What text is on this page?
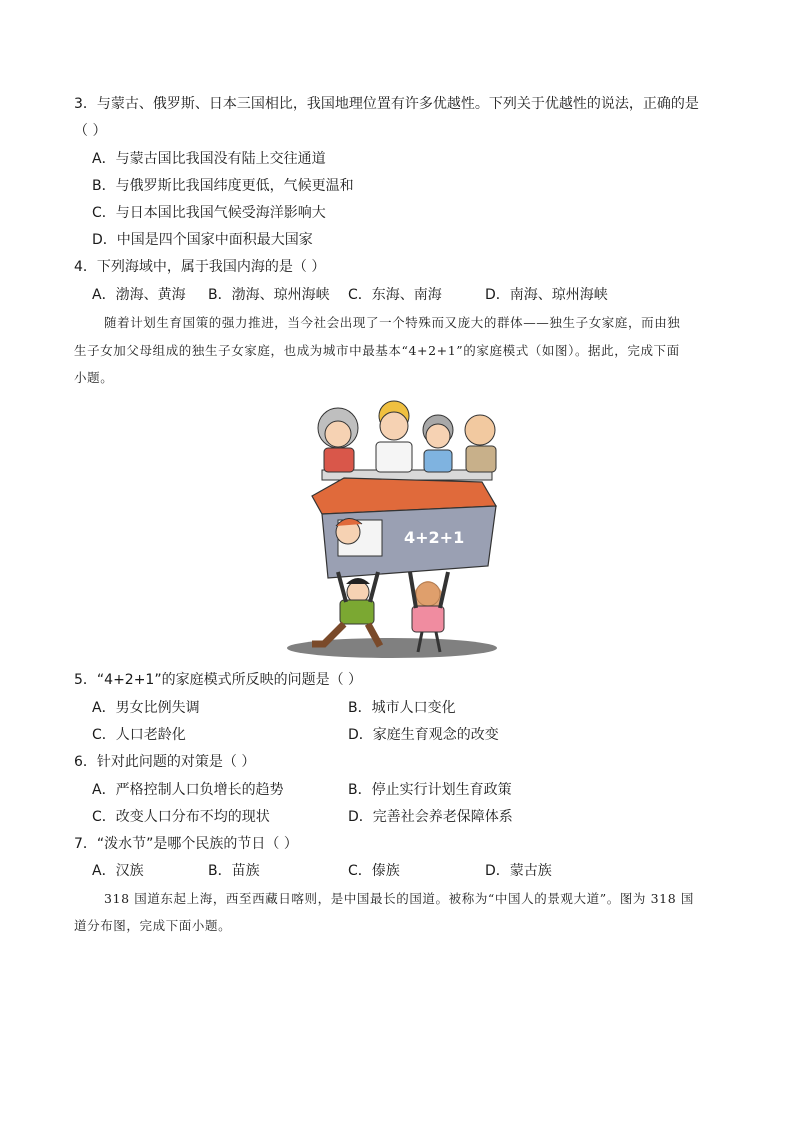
3．与蒙古、俄罗斯、日本三国相比，我国地理位置有许多优越性。下列关于优越性的说法，正确的是
（ ）
A．与蒙古国比我国没有陆上交往通道
B．与俄罗斯比我国纬度更低，气候更温和
C．与日本国比我国气候受海洋影响大
D．中国是四个国家中面积最大国家
4．下列海域中，属于我国内海的是（ ）
A．渤海、黄海 B．渤海、琼州海峡 C．东海、南海	D．南海、琼州海峡
随着计划生育国策的强力推进，当今社会出现了一个特殊而又庞大的群体——独生子女家庭，而由独
生子女加父母组成的独生子女家庭，也成为城市中最基本“4+2+1”的家庭模式（如图）。据此，完成下面
小题。
4+2+1
5．“4+2+1”的家庭模式所反映的问题是（ ）
A．男女比例失调	B．城市人口变化
C．人口老龄化	D．家庭生育观念的改变
6．针对此问题的对策是（ ）
A．严格控制人口负增长的趋势	B．停止实行计划生育政策
C．改变人口分布不均的现状	D．完善社会养老保障体系
7．“泼水节”是哪个民族的节日（ ）
A．汉族	B．苗族	C．傣族	D．蒙古族
318 国道东起上海，西至西藏日喀则，是中国最长的国道。被称为“中国人的景观大道”。图为 318 国
道分布图，完成下面小题。
